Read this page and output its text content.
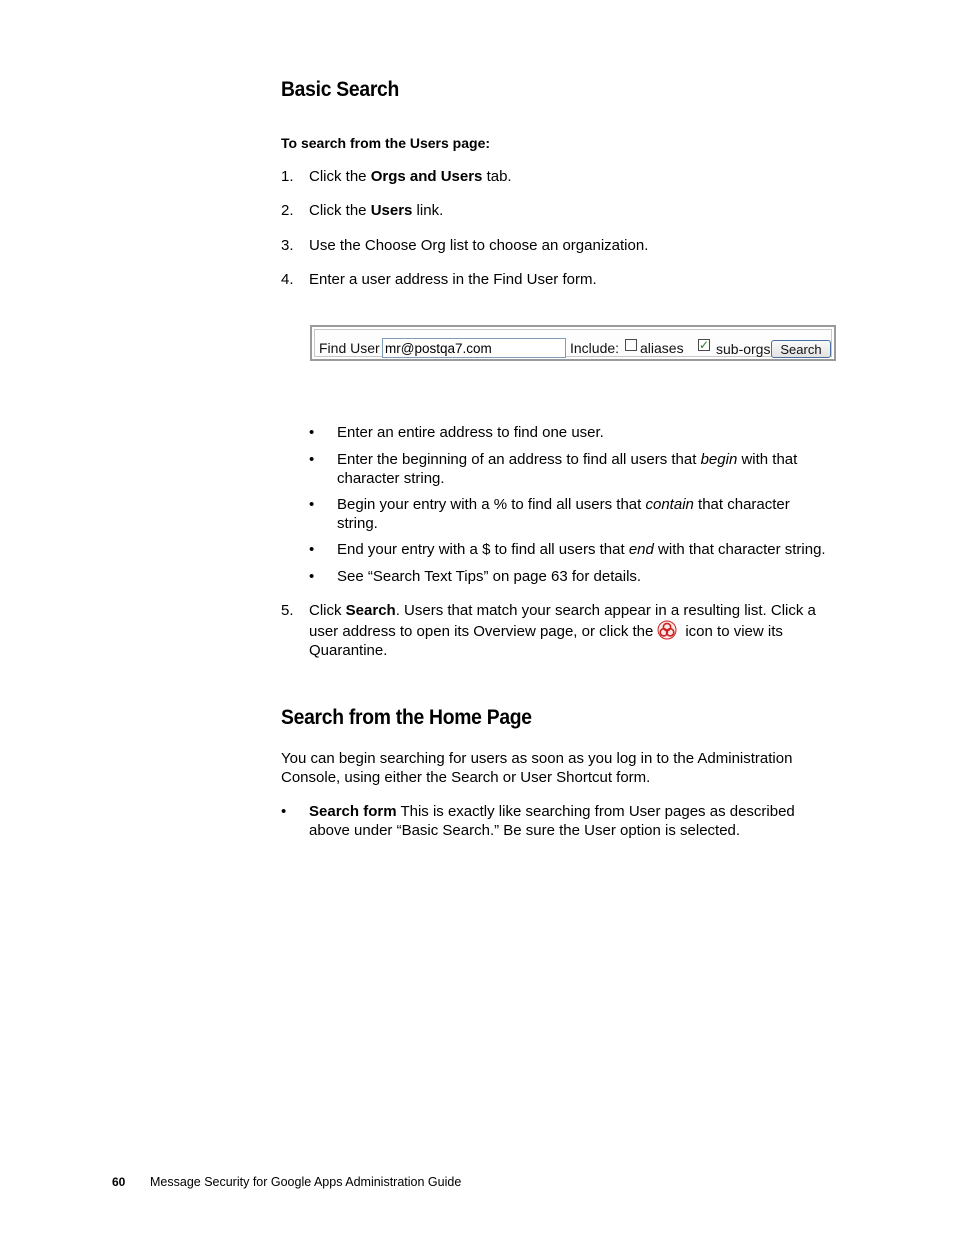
Basic Search
To search from the Users page:
1. Click the Orgs and Users tab.
2. Click the Users link.
3. Use the Choose Org list to choose an organization.
4. Enter a user address in the Find User form.
Find User
mr@postqa7.com	Include: aliases ✓ sub-orgs Search
• Enter an entire address to find one user.
• Enter the beginning of an address to find all users that begin with that
character string.
• Begin your entry with a % to find all users that contain that character
string.
• End your entry with a $ to find all users that end with that character string.
• See “Search Text Tips” on page 63 for details.
5. Click Search. Users that match your search appear in a resulting list. Click a
user address to open its Overview page, or click the icon to view its
Quarantine.
Search from the Home Page
You can begin searching for users as soon as you log in to the Administration
Console, using either the Search or User Shortcut form.
• Search form This is exactly like searching from User pages as described
above under “Basic Search.” Be sure the User option is selected.
60 Message Security for Google Apps Administration Guide
